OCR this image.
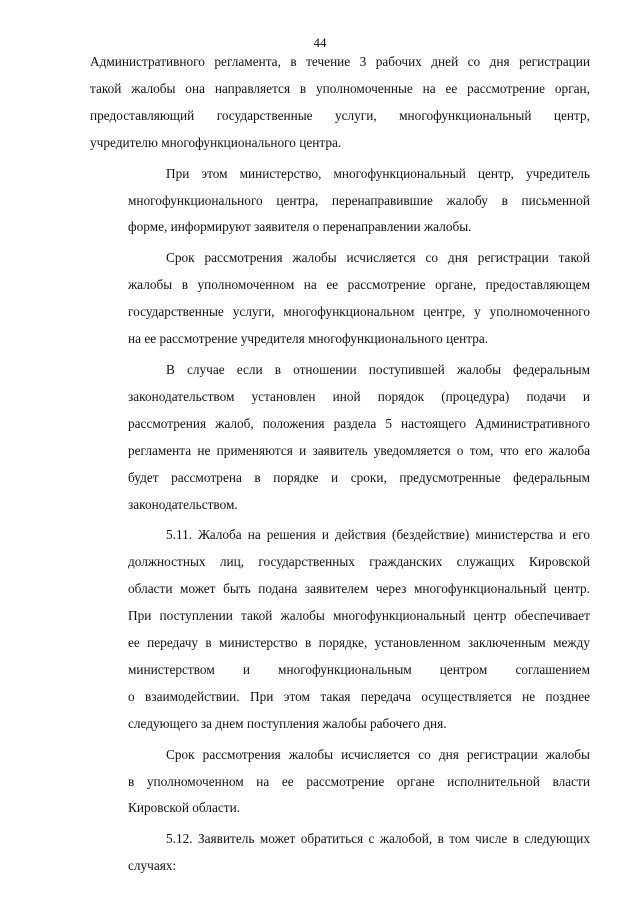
44
Административного регламента, в течение 3 рабочих дней со дня регистрации
такой жалобы она направляется в уполномоченные на ее рассмотрение орган,
предоставляющий государственные услуги, многофункциональный центр,
учредителю многофункционального центра.
При этом министерство, многофункциональный центр, учредитель
многофункционального центра, перенаправившие жалобу в письменной
форме, информируют заявителя о перенаправлении жалобы.
Срок рассмотрения жалобы исчисляется со дня регистрации такой
жалобы в уполномоченном на ее рассмотрение органе, предоставляющем
государственные услуги, многофункциональном центре, у уполномоченного
на ее рассмотрение учредителя многофункционального центра.
В случае если в отношении поступившей жалобы федеральным
законодательством установлен иной порядок (процедура) подачи и
рассмотрения жалоб, положения раздела 5 настоящего Административного
регламента не применяются и заявитель уведомляется о том, что его жалоба
будет рассмотрена в порядке и сроки, предусмотренные федеральным
законодательством.
5.11. Жалоба на решения и действия (бездействие) министерства и его
должностных лиц, государственных гражданских служащих Кировской
области может быть подана заявителем через многофункциональный центр.
При поступлении такой жалобы многофункциональный центр обеспечивает
ее передачу в министерство в порядке, установленном заключенным между
министерством и многофункциональным центром соглашением
о взаимодействии. При этом такая передача осуществляется не позднее
следующего за днем поступления жалобы рабочего дня.
Срок рассмотрения жалобы исчисляется со дня регистрации жалобы
в уполномоченном на ее рассмотрение органе исполнительной власти
Кировской области.
5.12. Заявитель может обратиться с жалобой, в том числе в следующих
случаях:
